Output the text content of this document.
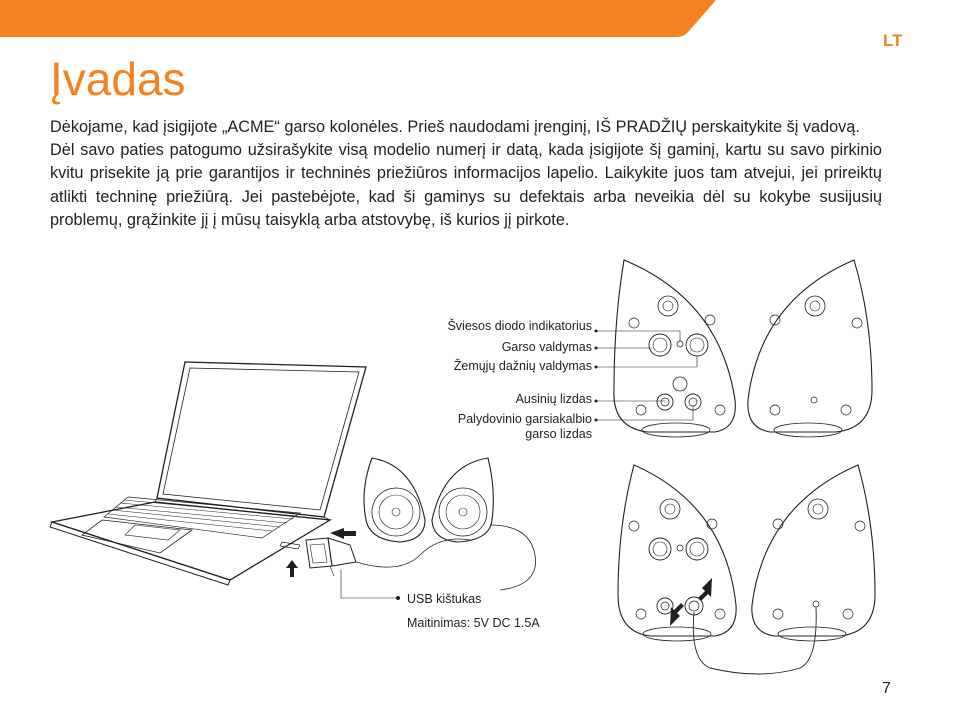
LT
Įvadas

Dėkojame, kad įsigijote „ACME“ garso kolonėles. Prieš naudodami įrenginį, IŠ PRADŽIŲ perskaitykite šį vadovą.

Dėl savo paties patogumo užsirašykite visą modelio numerį ir datą, kada įsigijote šį gaminį, kartu su savo pirkinio kvitu prisekite ją prie garantijos ir techninės priežiūros informacijos lapelio. Laikykite juos tam atvejui, jei prireiktų atlikti techninę priežiūrą. Jei pastebėjote, kad ši gaminys su defektais arba neveikia dėl su kokybe susijusių problemų, grąžinkite jį į mūsų taisyklą arba atstovybę, iš kurios jį pirkote.

Šviesos diodo indikatorius
Garso valdymas
Žemųjų dažnių valdymas
Ausinių lizdas
Palydovinio garsiakalbio
garso lizdas
USB kištukas
Maitinimas: 5V DC 1.5A
7
